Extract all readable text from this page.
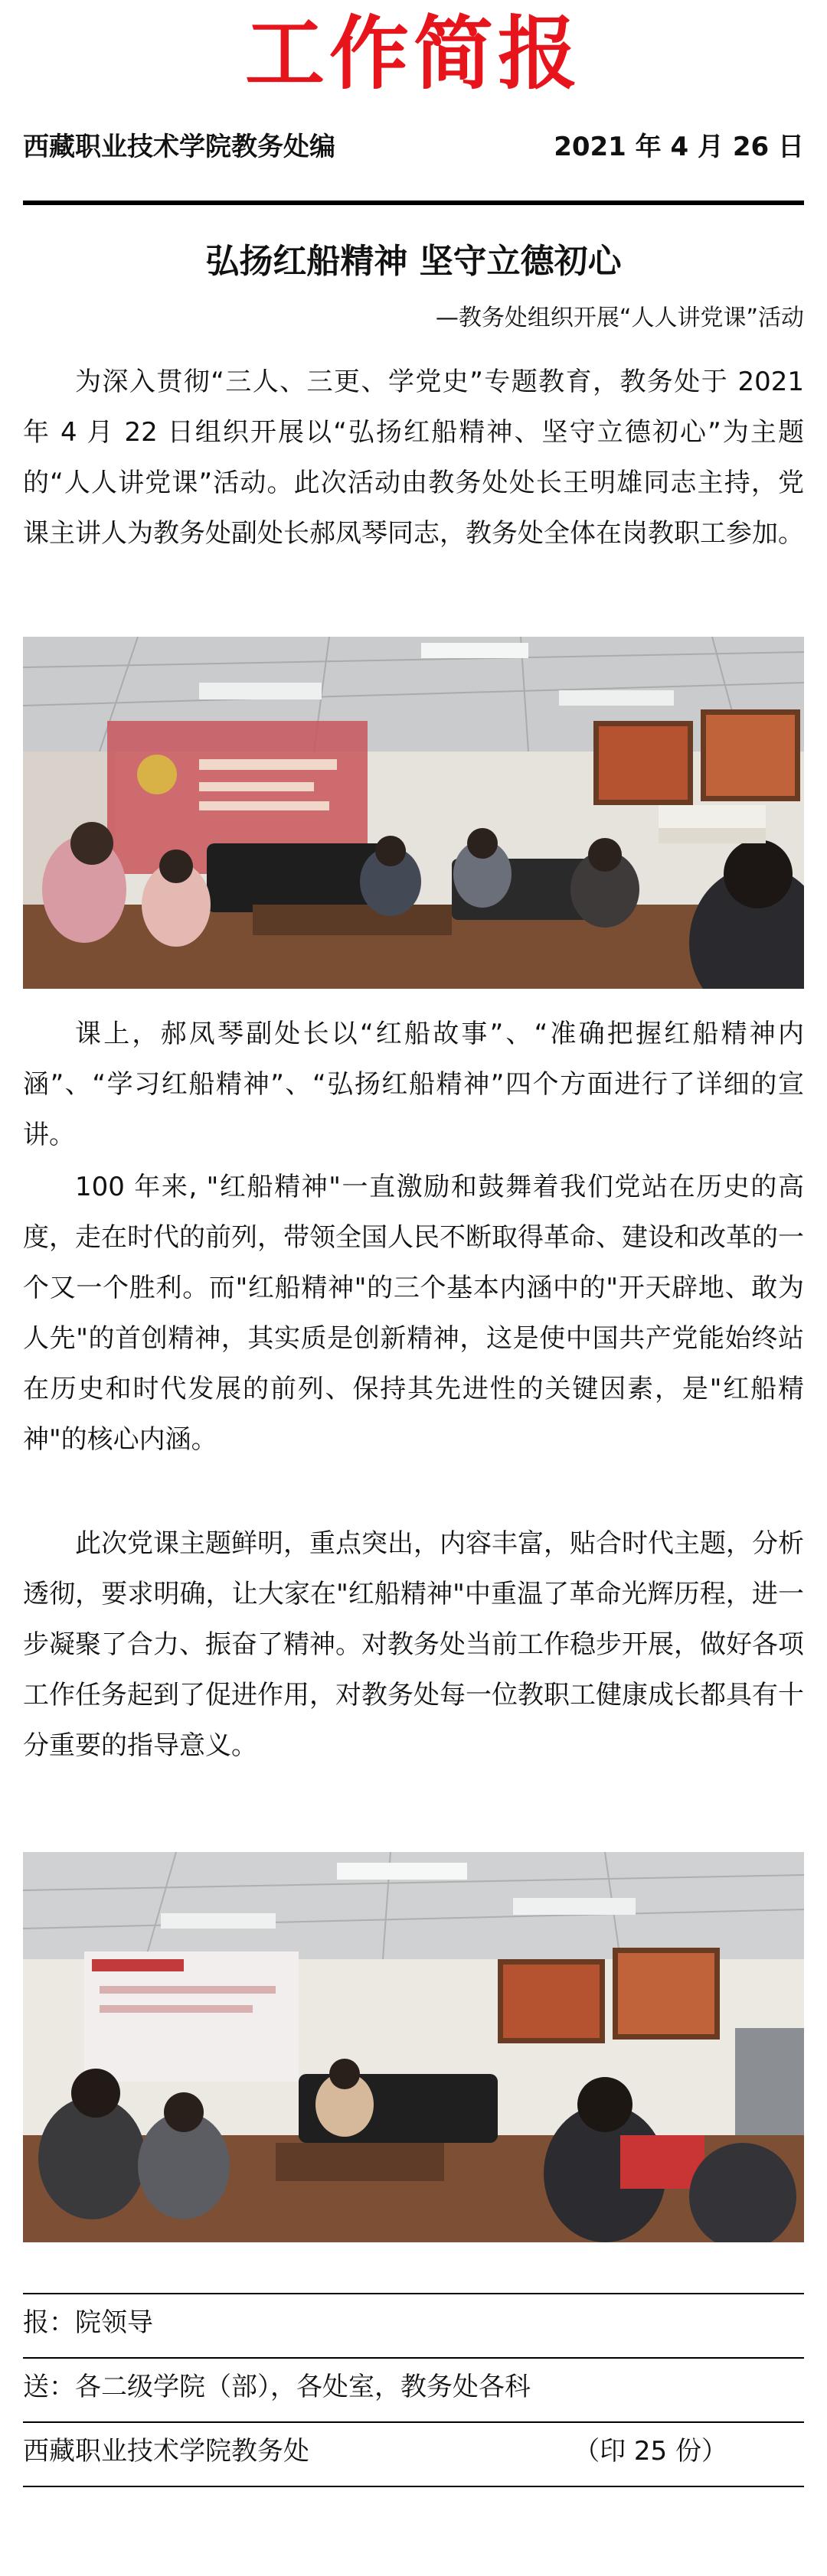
工作简报
西藏职业技术学院教务处编	2021 年 4 月 26 日
弘扬红船精神 坚守立德初心
—教务处组织开展“人人讲党课”活动

为深入贯彻“三人、三更、学党史”专题教育，教务处于 2021 年 4 月 22 日组织开展以“弘扬红船精神、坚守立德初心”为主题的“人人讲党课”活动。此次活动由教务处处长王明雄同志主持，党课主讲人为教务处副处长郝凤琴同志，教务处全体在岗教职工参加。

课上，郝凤琴副处长以“红船故事”、“准确把握红船精神内涵”、“学习红船精神”、“弘扬红船精神”四个方面进行了详细的宣讲。

100 年来, "红船精神"一直激励和鼓舞着我们党站在历史的高度，走在时代的前列，带领全国人民不断取得革命、建设和改革的一个又一个胜利。而"红船精神"的三个基本内涵中的"开天辟地、敢为人先"的首创精神，其实质是创新精神，这是使中国共产党能始终站在历史和时代发展的前列、保持其先进性的关键因素，是"红船精神"的核心内涵。

此次党课主题鲜明，重点突出，内容丰富，贴合时代主题，分析透彻，要求明确，让大家在"红船精神"中重温了革命光辉历程，进一步凝聚了合力、振奋了精神。对教务处当前工作稳步开展，做好各项工作任务起到了促进作用，对教务处每一位教职工健康成长都具有十分重要的指导意义。

报：院领导
送：各二级学院（部），各处室，教务处各科
西藏职业技术学院教务处	（印 25 份）
